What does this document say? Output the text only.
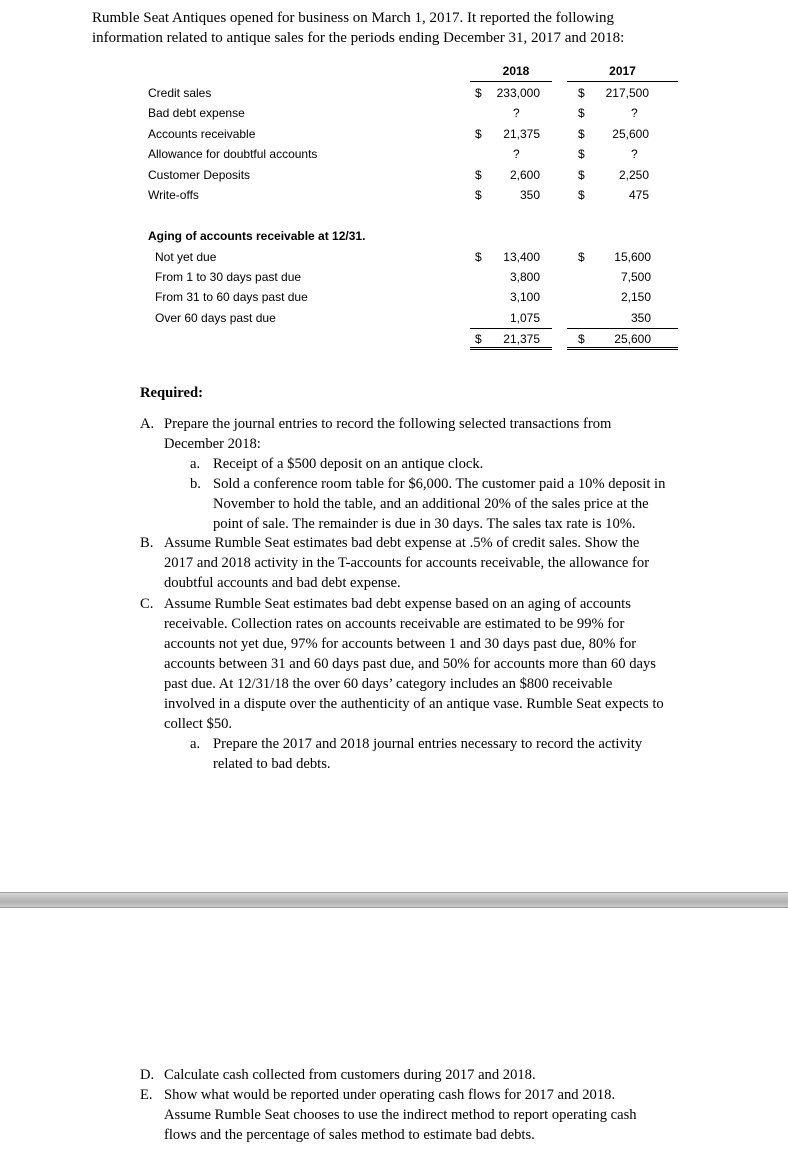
Rumble Seat Antiques opened for business on March 1, 2017. It reported the following
information related to antique sales for the periods ending December 31, 2017 and 2018:
2018	2017
Credit sales	$	233,000	$	217,500
Bad debt expense	?	$	?
Accounts receivable	$	21,375	$	25,600
Allowance for doubtful accounts	?	$	?
Customer Deposits	$	2,600	$	2,250
Write-offs	$	350	$	475
Aging of accounts receivable at 12/31.
Not yet due	$	13,400	$	15,600
From 1 to 30 days past due	3,800	7,500
From 31 to 60 days past due	3,100	2,150
Over 60 days past due	1,075	350
$	21,375	$	25,600
Required:
A. Prepare the journal entries to record the following selected transactions from
December 2018:
a. Receipt of a $500 deposit on an antique clock.
b. Sold a conference room table for $6,000. The customer paid a 10% deposit in
November to hold the table, and an additional 20% of the sales price at the
point of sale. The remainder is due in 30 days. The sales tax rate is 10%.
B. Assume Rumble Seat estimates bad debt expense at .5% of credit sales. Show the
2017 and 2018 activity in the T-accounts for accounts receivable, the allowance for
doubtful accounts and bad debt expense.
C. Assume Rumble Seat estimates bad debt expense based on an aging of accounts
receivable. Collection rates on accounts receivable are estimated to be 99% for
accounts not yet due, 97% for accounts between 1 and 30 days past due, 80% for
accounts between 31 and 60 days past due, and 50% for accounts more than 60 days
past due. At 12/31/18 the over 60 days’ category includes an $800 receivable
involved in a dispute over the authenticity of an antique vase. Rumble Seat expects to
collect $50.
a. Prepare the 2017 and 2018 journal entries necessary to record the activity
related to bad debts.
D. Calculate cash collected from customers during 2017 and 2018.
E. Show what would be reported under operating cash flows for 2017 and 2018.
Assume Rumble Seat chooses to use the indirect method to report operating cash
flows and the percentage of sales method to estimate bad debts.
